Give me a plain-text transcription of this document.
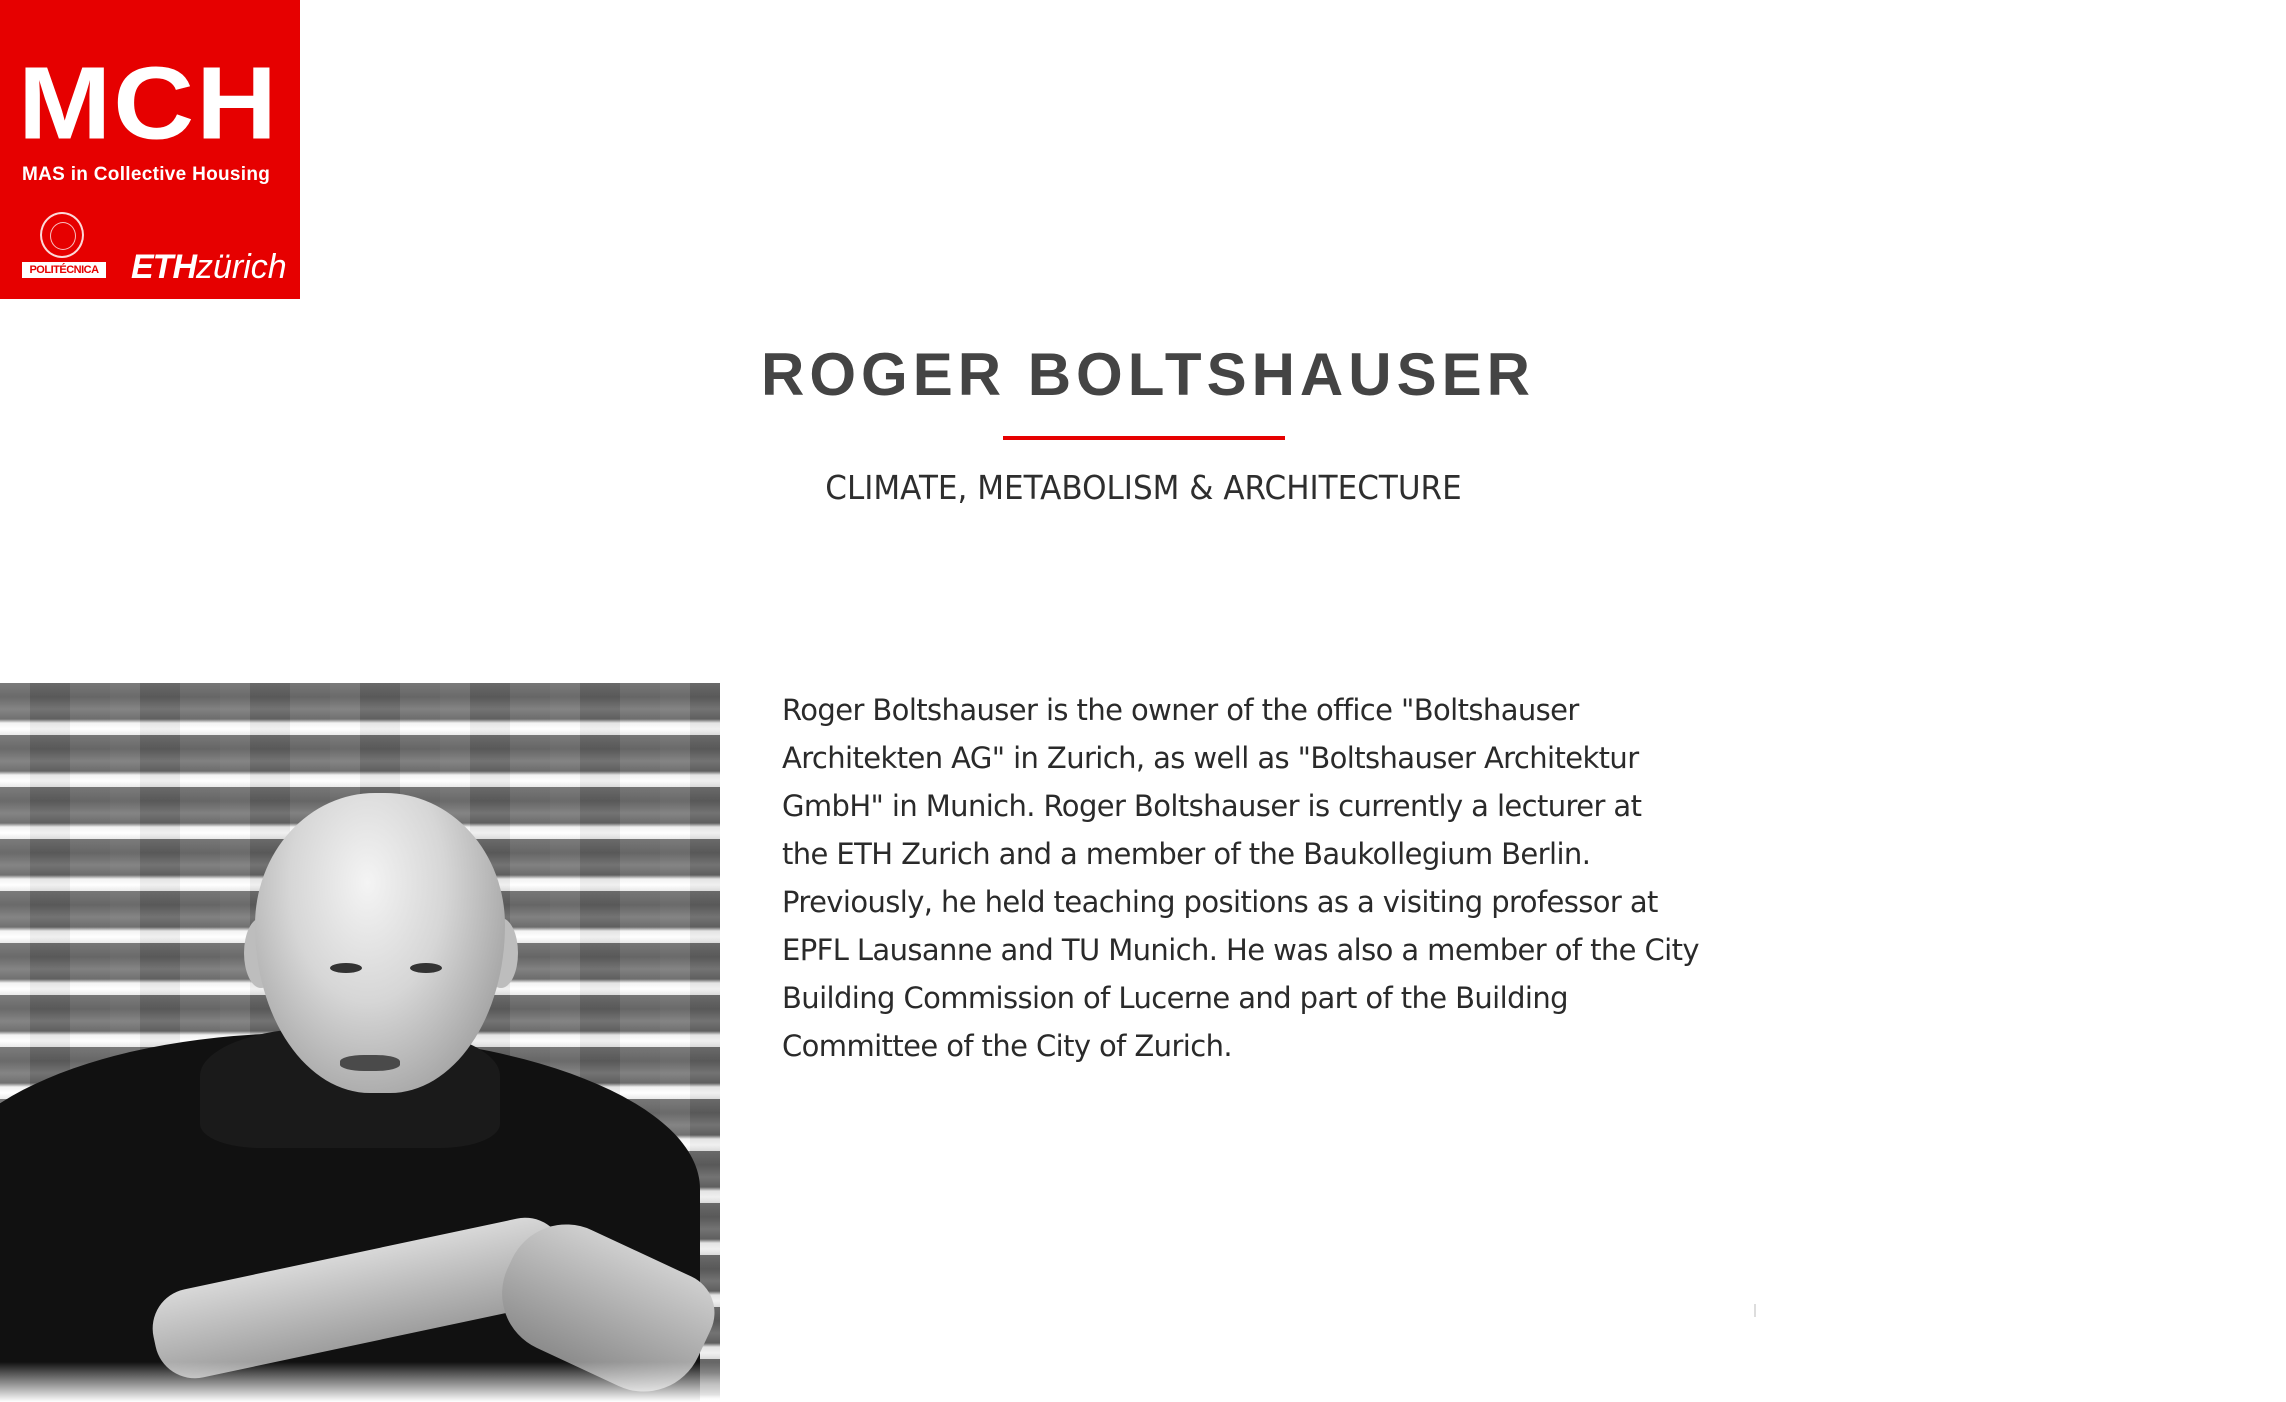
MCH
MAS in Collective Housing
POLITÉCNICA ETHzürich
ROGER BOLTSHAUSER
CLIMATE, METABOLISM & ARCHITECTURE

Roger Boltshauser is the owner of the office "Boltshauser
Architekten AG" in Zurich, as well as "Boltshauser Architektur
GmbH" in Munich. Roger Boltshauser is currently a lecturer at
the ETH Zurich and a member of the Baukollegium Berlin.
Previously, he held teaching positions as a visiting professor at
EPFL Lausanne and TU Munich. He was also a member of the City
Building Commission of Lucerne and part of the Building
Committee of the City of Zurich.
